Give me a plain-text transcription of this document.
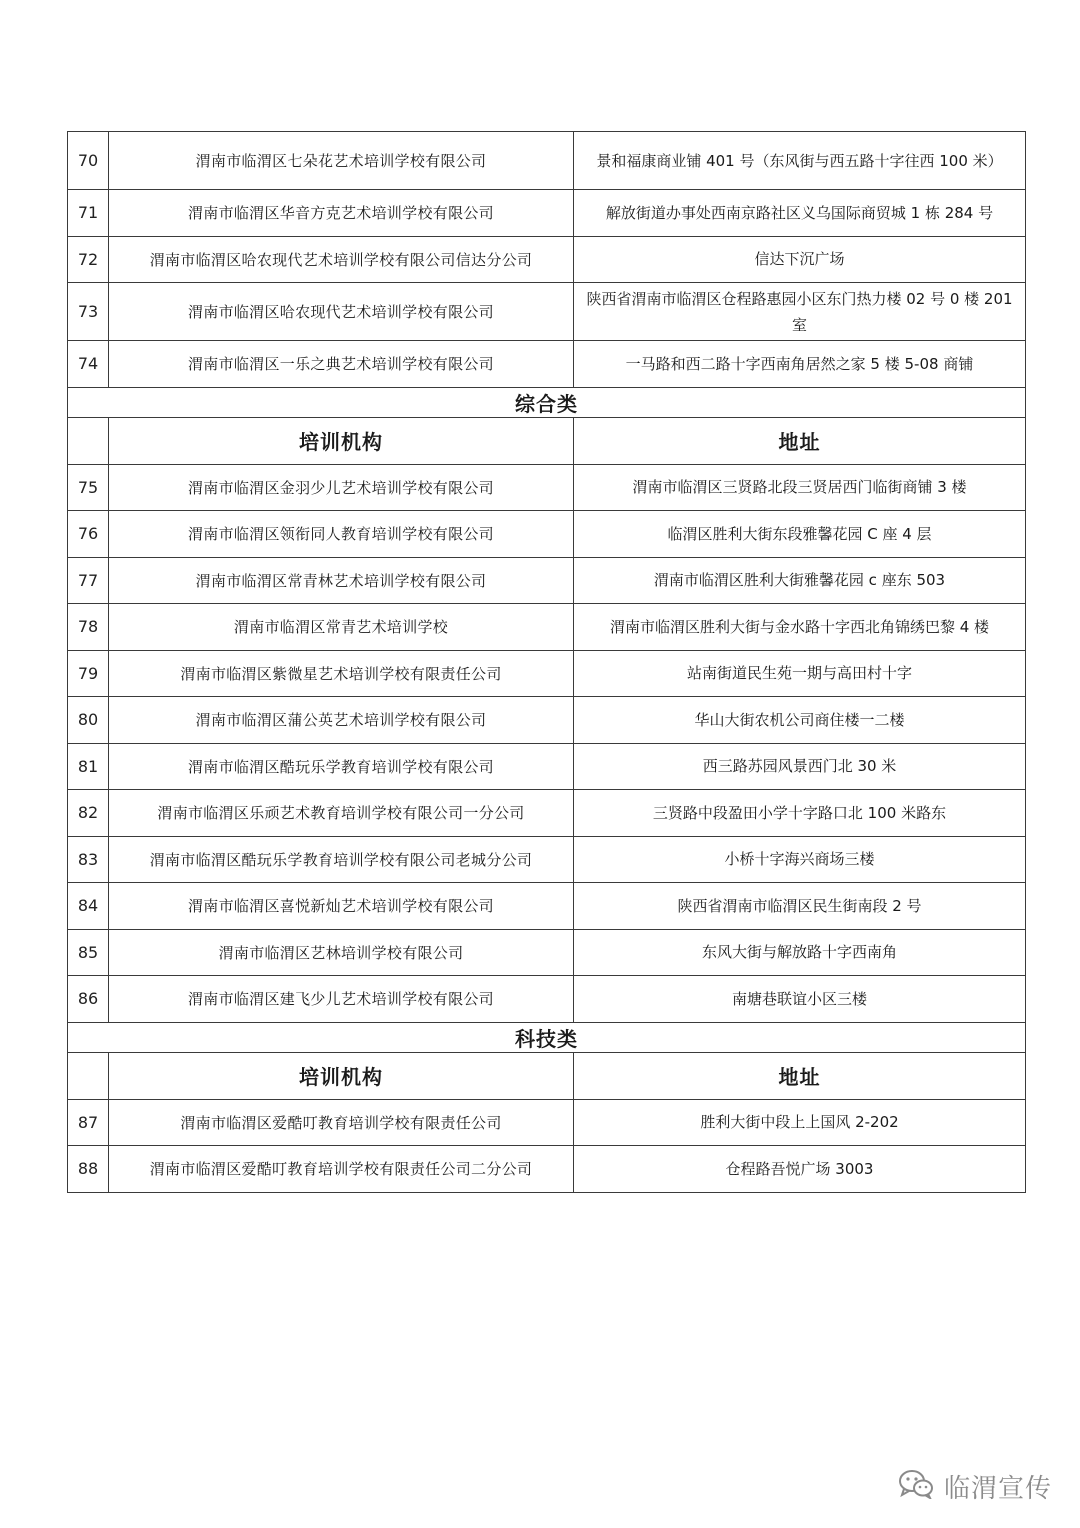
70	渭南市临渭区七朵花艺术培训学校有限公司	景和福康商业铺 401 号（东风街与西五路十字往西 100 米）
71	渭南市临渭区华音方克艺术培训学校有限公司	解放街道办事处西南京路社区义乌国际商贸城 1 栋 284 号
72	渭南市临渭区哈农现代艺术培训学校有限公司信达分公司	信达下沉广场
73	渭南市临渭区哈农现代艺术培训学校有限公司	陕西省渭南市临渭区仓程路惠园小区东门热力楼 02 号 0 楼 201 室
74	渭南市临渭区一乐之典艺术培训学校有限公司	一马路和西二路十字西南角居然之家 5 楼 5-08 商铺
综合类		
	培训机构	地址
75	渭南市临渭区金羽少儿艺术培训学校有限公司	渭南市临渭区三贤路北段三贤居西门临街商铺 3 楼
76	渭南市临渭区领衔同人教育培训学校有限公司	临渭区胜利大街东段雅馨花园 C 座 4 层
77	渭南市临渭区常青林艺术培训学校有限公司	渭南市临渭区胜利大街雅馨花园 c 座东 503
78	渭南市临渭区常青艺术培训学校	渭南市临渭区胜利大街与金水路十字西北角锦绣巴黎 4 楼
79	渭南市临渭区紫微星艺术培训学校有限责任公司	站南街道民生苑一期与高田村十字
80	渭南市临渭区蒲公英艺术培训学校有限公司	华山大街农机公司商住楼一二楼
81	渭南市临渭区酷玩乐学教育培训学校有限公司	西三路苏园风景西门北 30 米
82	渭南市临渭区乐顽艺术教育培训学校有限公司一分公司	三贤路中段盈田小学十字路口北 100 米路东
83	渭南市临渭区酷玩乐学教育培训学校有限公司老城分公司	小桥十字海兴商场三楼
84	渭南市临渭区喜悦新灿艺术培训学校有限公司	陕西省渭南市临渭区民生街南段 2 号
85	渭南市临渭区艺林培训学校有限公司	东风大街与解放路十字西南角
86	渭南市临渭区建飞少儿艺术培训学校有限公司	南塘巷联谊小区三楼
科技类		
	培训机构	地址
87	渭南市临渭区爱酷叮教育培训学校有限责任公司	胜利大街中段上上国风 2-202
88	渭南市临渭区爱酷叮教育培训学校有限责任公司二分公司	仓程路吾悦广场 3003
临渭宣传
